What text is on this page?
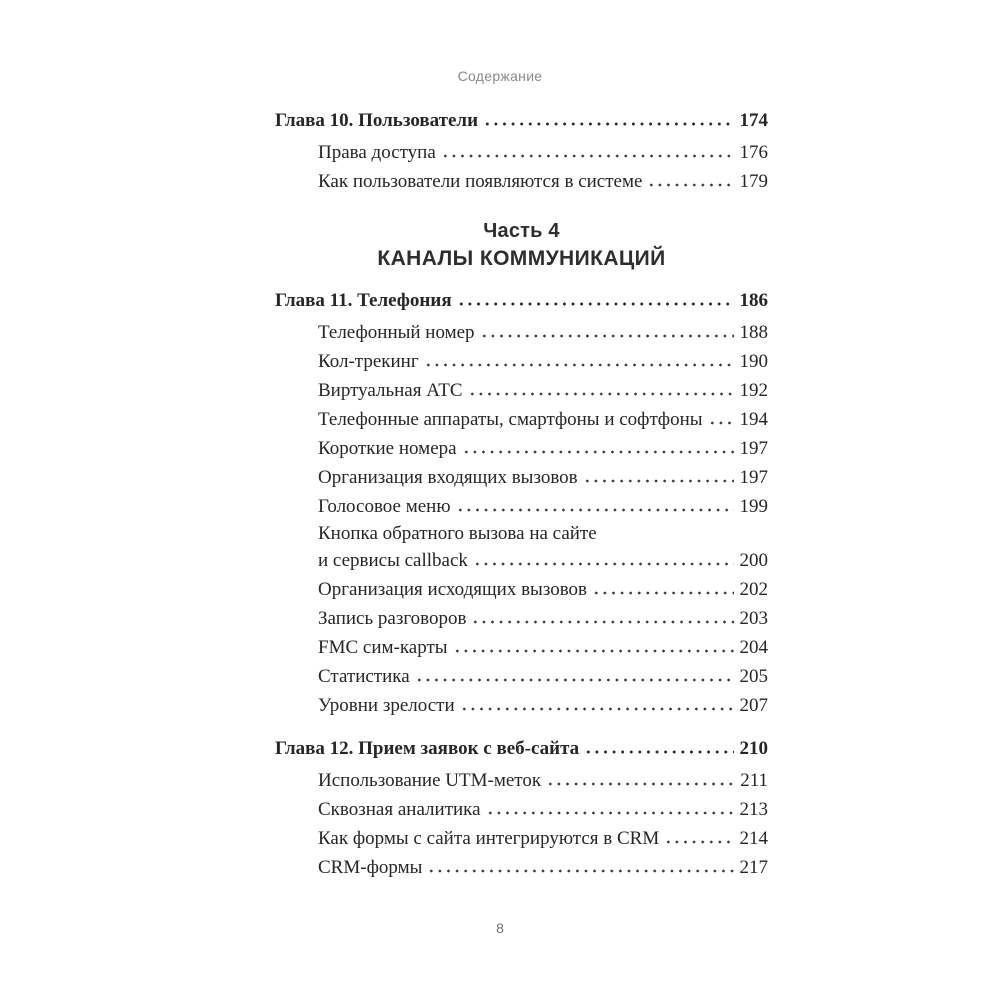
Содержание
Глава 10. Пользователи	174
Права доступа	176
Как пользователи появляются в системе	179
Часть 4
КАНАЛЫ КОММУНИКАЦИЙ
Глава 11. Телефония	186
Телефонный номер	188
Кол-трекинг	190
Виртуальная АТС	192
Телефонные аппараты, смартфоны и софтфоны 194
Короткие номера	197
Организация входящих вызовов	197
Голосовое меню	199
Кнопка обратного вызова на сайте
и сервисы callback	200
Организация исходящих вызовов	202
Запись разговоров	203
FMC сим-карты	204
Статистика	205
Уровни зрелости	207
Глава 12. Прием заявок с веб-сайта	210
Использование UTM-меток	211
Сквозная аналитика	213
Как формы с сайта интегрируются в CRM	214
CRM-формы	217
8
